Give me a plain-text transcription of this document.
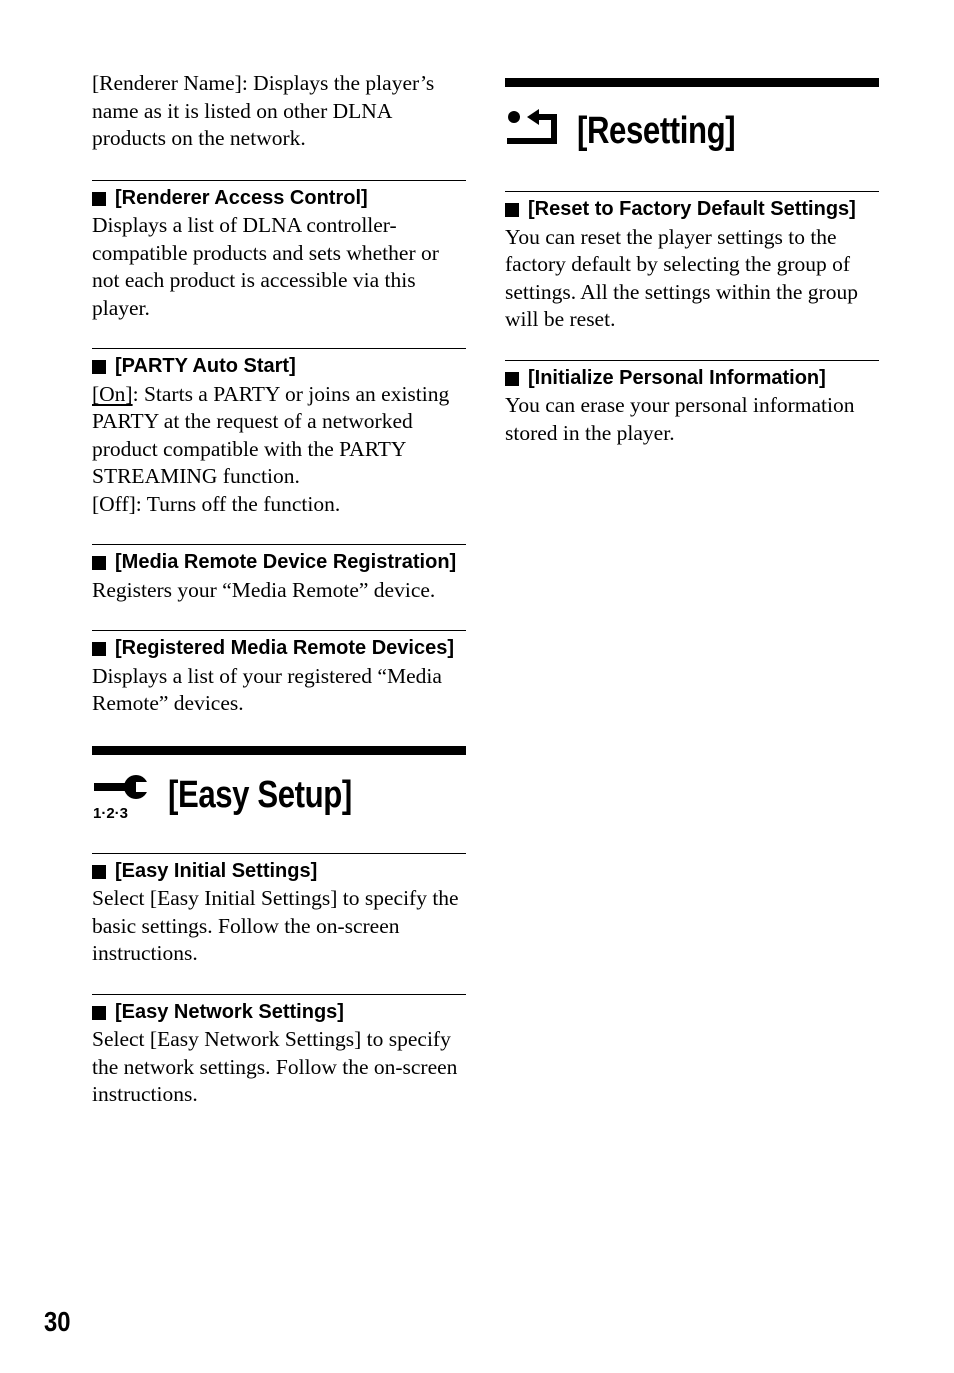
[Renderer Name]: Displays the player’s name as it is listed on other DLNA products on the network.

[Renderer Access Control]

Displays a list of DLNA controller-compatible products and sets whether or not each product is accessible via this player.

[PARTY Auto Start]

[On]: Starts a PARTY or joins an existing PARTY at the request of a networked product compatible with the PARTY STREAMING function.

[Off]: Turns off the function.

[Media Remote Device Registration]

Registers your “Media Remote” device.

[Registered Media Remote Devices]

Displays a list of your registered “Media Remote” devices.

1·2·3 [Easy Setup]
[Easy Initial Settings]

Select [Easy Initial Settings] to specify the basic settings. Follow the on-screen instructions.

[Easy Network Settings]

Select [Easy Network Settings] to specify the network settings. Follow the on-screen instructions.

[Resetting]
[Reset to Factory Default Settings]

You can reset the player settings to the factory default by selecting the group of settings. All the settings within the group will be reset.

[Initialize Personal Information]

You can erase your personal information stored in the player.

30
